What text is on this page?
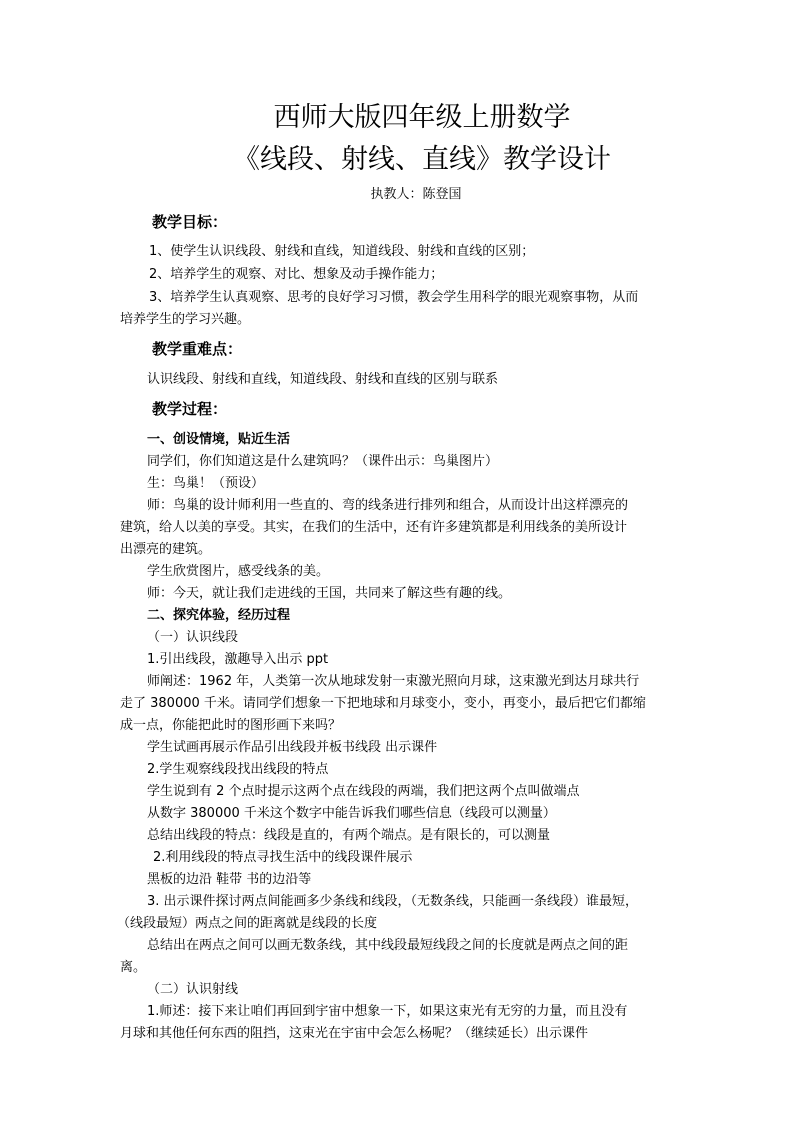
西师大版四年级上册数学
《线段、射线、直线》教学设计
执教人：陈登国
教学目标：
1、使学生认识线段、射线和直线，知道线段、射线和直线的区别；
2、培养学生的观察、对比、想象及动手操作能力；
3、培养学生认真观察、思考的良好学习习惯，教会学生用科学的眼光观察事物，从而
培养学生的学习兴趣。
教学重难点：
认识线段、射线和直线，知道线段、射线和直线的区别与联系
教学过程：
一、创设情境，贴近生活
同学们，你们知道这是什么建筑吗？（课件出示：鸟巢图片）
生：鸟巢！（预设）
师：鸟巢的设计师利用一些直的、弯的线条进行排列和组合，从而设计出这样漂亮的
建筑，给人以美的享受。其实，在我们的生活中，还有许多建筑都是利用线条的美所设计
出漂亮的建筑。
学生欣赏图片，感受线条的美。
师：今天，就让我们走进线的王国，共同来了解这些有趣的线。
二、探究体验，经历过程
（一）认识线段
1.引出线段，激趣导入出示 ppt
师阐述：1962 年，人类第一次从地球发射一束激光照向月球，这束激光到达月球共行
走了 380000 千米。请同学们想象一下把地球和月球变小，变小，再变小，最后把它们都缩
成一点，你能把此时的图形画下来吗？
学生试画再展示作品引出线段并板书线段 出示课件
2.学生观察线段找出线段的特点
学生说到有 2 个点时提示这两个点在线段的两端，我们把这两个点叫做端点
从数字 380000 千米这个数字中能告诉我们哪些信息（线段可以测量）
总结出线段的特点：线段是直的，有两个端点。是有限长的，可以测量
2.利用线段的特点寻找生活中的线段课件展示
黑板的边沿 鞋带 书的边沿等
3. 出示课件探讨两点间能画多少条线和线段，（无数条线，只能画一条线段）谁最短，
（线段最短）两点之间的距离就是线段的长度
总结出在两点之间可以画无数条线，其中线段最短线段之间的长度就是两点之间的距
离。
（二）认识射线
1.师述：接下来让咱们再回到宇宙中想象一下，如果这束光有无穷的力量，而且没有
月球和其他任何东西的阻挡，这束光在宇宙中会怎么杨呢？（继续延长）出示课件
